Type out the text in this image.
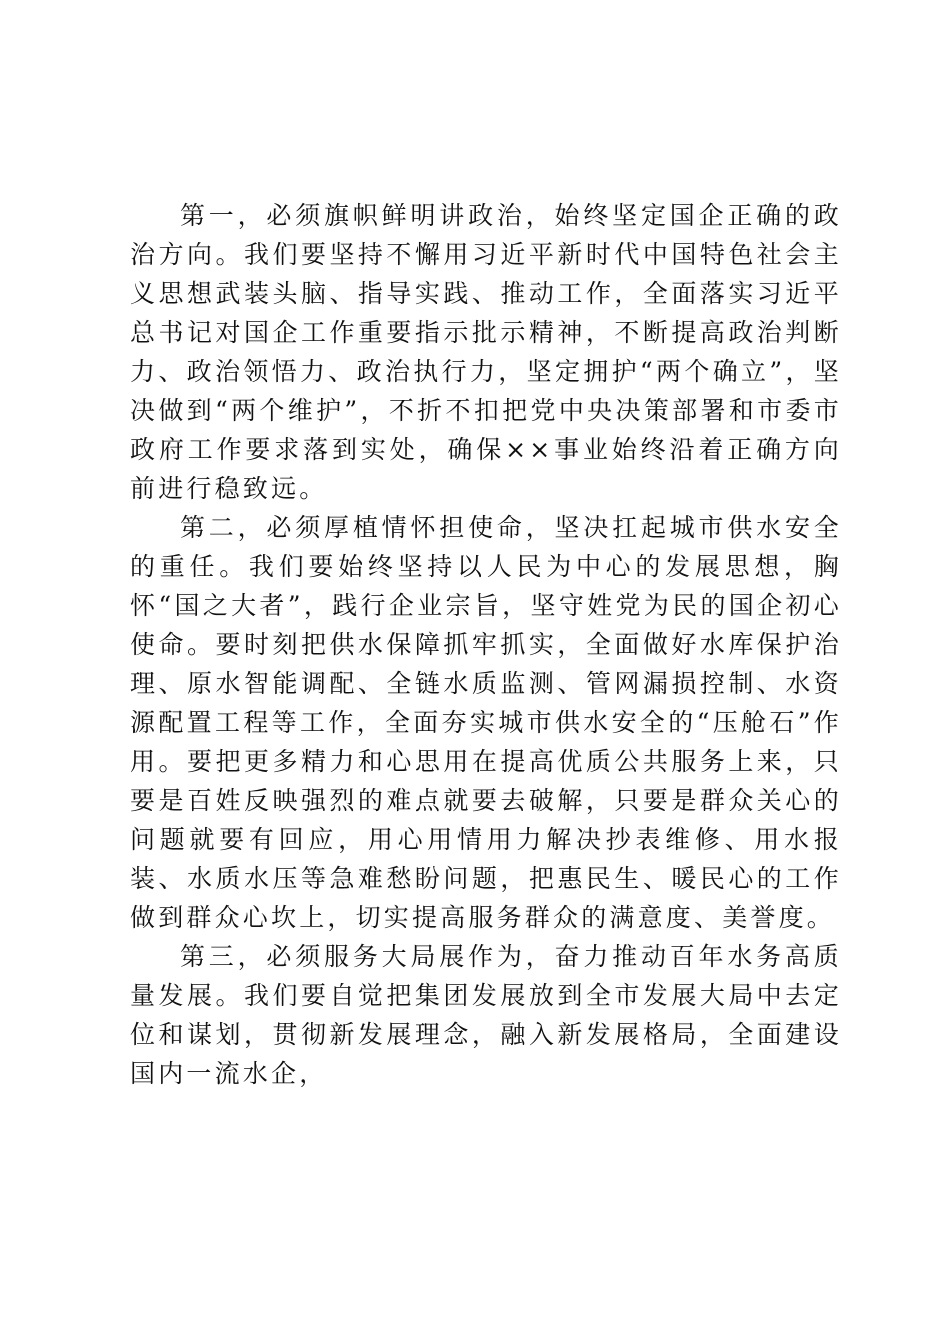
第一，必须旗帜鲜明讲政治，始终坚定国企正确的政治方向。我们要坚持不懈用习近平新时代中国特色社会主义思想武装头脑、指导实践、推动工作，全面落实习近平总书记对国企工作重要指示批示精神，不断提高政治判断力、政治领悟力、政治执行力，坚定拥护“两个确立”，坚决做到“两个维护”，不折不扣把党中央决策部署和市委市政府工作要求落到实处，确保××事业始终沿着正确方向前进行稳致远。

第二，必须厚植情怀担使命，坚决扛起城市供水安全的重任。我们要始终坚持以人民为中心的发展思想，胸怀“国之大者”，践行企业宗旨，坚守姓党为民的国企初心使命。要时刻把供水保障抓牢抓实，全面做好水库保护治理、原水智能调配、全链水质监测、管网漏损控制、水资源配置工程等工作，全面夯实城市供水安全的“压舱石”作用。要把更多精力和心思用在提高优质公共服务上来，只要是百姓反映强烈的难点就要去破解，只要是群众关心的问题就要有回应，用心用情用力解决抄表维修、用水报装、水质水压等急难愁盼问题，把惠民生、暖民心的工作做到群众心坎上，切实提高服务群众的满意度、美誉度。

第三，必须服务大局展作为，奋力推动百年水务高质量发展。我们要自觉把集团发展放到全市发展大局中去定位和谋划，贯彻新发展理念，融入新发展格局，全面建设国内一流水企，
